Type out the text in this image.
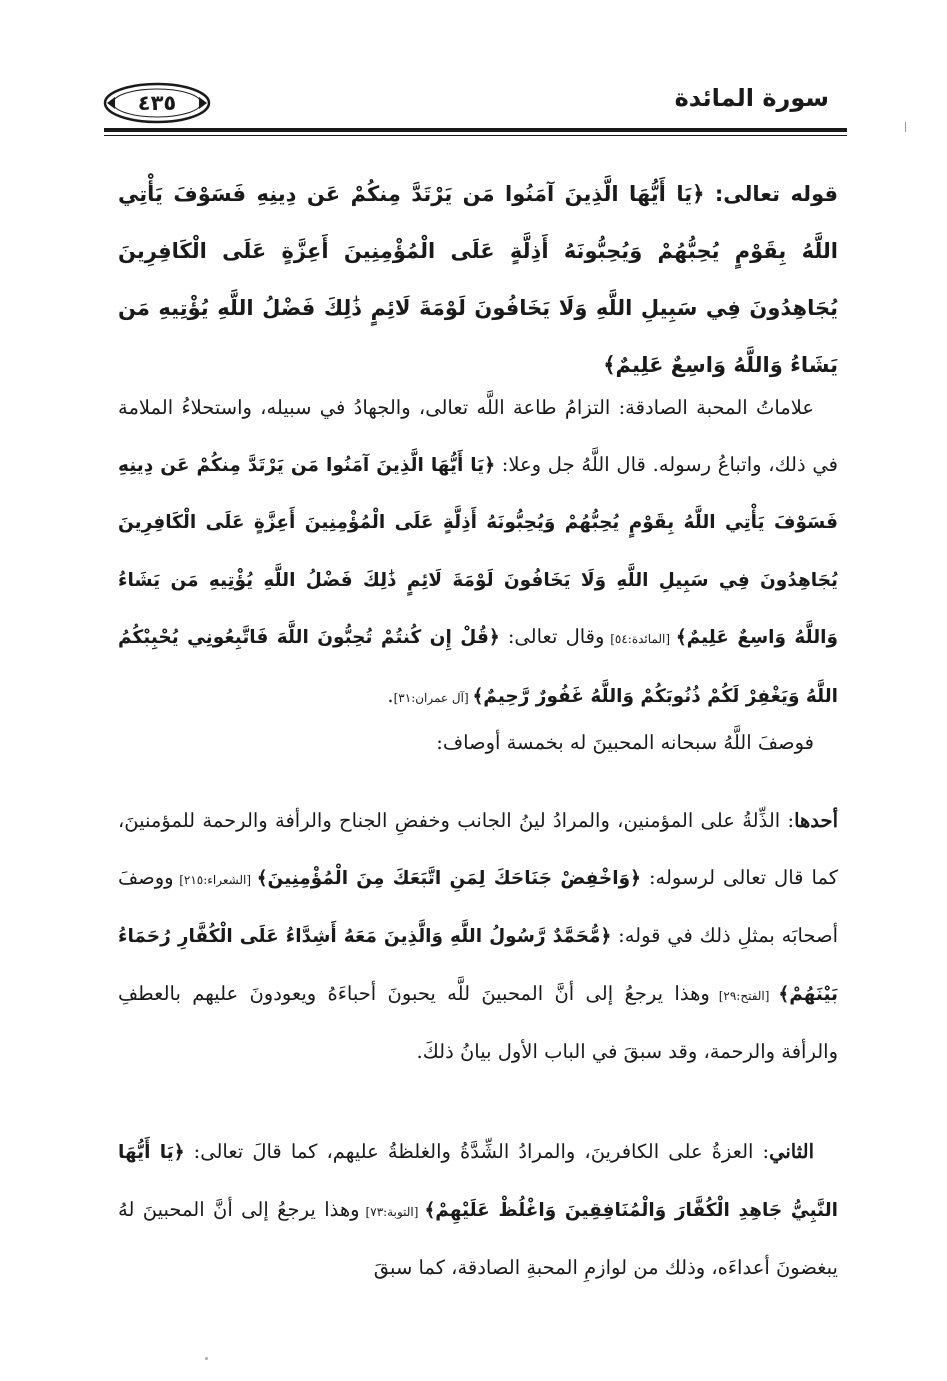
سورة المائدة
٤٣٥
قوله تعالى: ﴿يَا أَيُّهَا الَّذِينَ آمَنُوا مَن يَرْتَدَّ مِنكُمْ عَن دِينِهِ فَسَوْفَ يَأْتِي اللَّهُ بِقَوْمٍ يُحِبُّهُمْ وَيُحِبُّونَهُ أَذِلَّةٍ عَلَى الْمُؤْمِنِينَ أَعِزَّةٍ عَلَى الْكَافِرِينَ يُجَاهِدُونَ فِي سَبِيلِ اللَّهِ وَلَا يَخَافُونَ لَوْمَةَ لَائِمٍ ذَٰلِكَ فَضْلُ اللَّهِ يُؤْتِيهِ مَن يَشَاءُ وَاللَّهُ وَاسِعٌ عَلِيمٌ﴾
علاماتُ المحبة الصادقة: التزامُ طاعة اللَّه تعالى، والجهادُ في سبيله، واستحلاءُ الملامة في ذلك، واتباعُ رسوله. قال اللَّهُ جل وعلا: ﴿يَا أَيُّهَا الَّذِينَ آمَنُوا مَن يَرْتَدَّ مِنكُمْ عَن دِينِهِ فَسَوْفَ يَأْتِي اللَّهُ بِقَوْمٍ يُحِبُّهُمْ وَيُحِبُّونَهُ أَذِلَّةٍ عَلَى الْمُؤْمِنِينَ أَعِزَّةٍ عَلَى الْكَافِرِينَ يُجَاهِدُونَ فِي سَبِيلِ اللَّهِ وَلَا يَخَافُونَ لَوْمَةَ لَائِمٍ ذَٰلِكَ فَضْلُ اللَّهِ يُؤْتِيهِ مَن يَشَاءُ وَاللَّهُ وَاسِعٌ عَلِيمٌ﴾ [المائدة:٥٤] وقال تعالى: ﴿قُلْ إِن كُنتُمْ تُحِبُّونَ اللَّهَ فَاتَّبِعُونِي يُحْبِبْكُمُ اللَّهُ وَيَغْفِرْ لَكُمْ ذُنُوبَكُمْ وَاللَّهُ غَفُورٌ رَّحِيمٌ﴾ [آل عمران:٣١].
فوصفَ اللَّهُ سبحانه المحبينَ له بخمسة أوصاف:
أحدها: الذِّلةُ على المؤمنين، والمرادُ لينُ الجانب وخفضِ الجناح والرأفة والرحمة للمؤمنينَ، كما قال تعالى لرسوله: ﴿وَاخْفِضْ جَنَاحَكَ لِمَنِ اتَّبَعَكَ مِنَ الْمُؤْمِنِينَ﴾ [الشعراء:٢١٥] ووصفَ أصحابَه بمثلِ ذلك في قوله: ﴿مُّحَمَّدٌ رَّسُولُ اللَّهِ وَالَّذِينَ مَعَهُ أَشِدَّاءُ عَلَى الْكُفَّارِ رُحَمَاءُ بَيْنَهُمْ﴾ [الفتح:٢٩] وهذا يرجعُ إلى أنَّ المحبينَ للَّه يحبونَ أحباءَهُ ويعودونَ عليهم بالعطفِ والرأفة والرحمة، وقد سبقَ في الباب الأول بيانُ ذلكَ.
الثاني: العزةُ على الكافرينَ، والمرادُ الشِّدَّةُ والغلظةُ عليهم، كما قالَ تعالى: ﴿يَا أَيُّهَا النَّبِيُّ جَاهِدِ الْكُفَّارَ وَالْمُنَافِقِينَ وَاغْلُظْ عَلَيْهِمْ﴾ [التوبة:٧٣] وهذا يرجعُ إلى أنَّ المحبينَ لهُ يبغضونَ أعداءَه، وذلك من لوازمِ المحبةِ الصادقة، كما سبقَ
